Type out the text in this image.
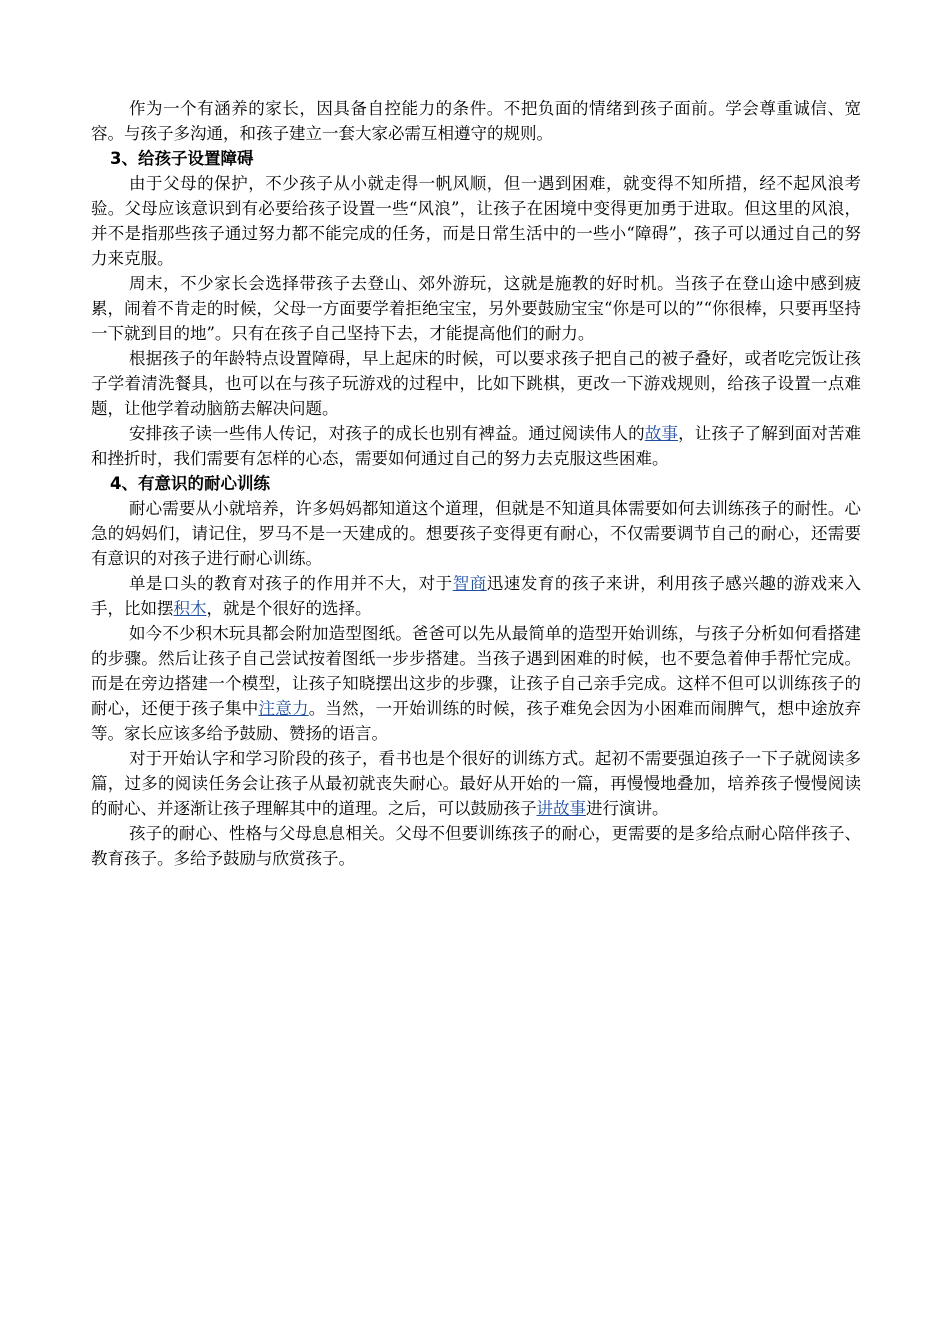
作为一个有涵养的家长，因具备自控能力的条件。不把负面的情绪到孩子面前。学会尊重诚信、宽容。与孩子多沟通，和孩子建立一套大家必需互相遵守的规则。

3、给孩子设置障碍

由于父母的保护，不少孩子从小就走得一帆风顺，但一遇到困难，就变得不知所措，经不起风浪考验。父母应该意识到有必要给孩子设置一些“风浪”，让孩子在困境中变得更加勇于进取。但这里的风浪，并不是指那些孩子通过努力都不能完成的任务，而是日常生活中的一些小“障碍”，孩子可以通过自己的努力来克服。

周末，不少家长会选择带孩子去登山、郊外游玩，这就是施教的好时机。当孩子在登山途中感到疲累，闹着不肯走的时候，父母一方面要学着拒绝宝宝，另外要鼓励宝宝“你是可以的”“你很棒，只要再坚持一下就到目的地”。只有在孩子自己坚持下去，才能提高他们的耐力。

根据孩子的年龄特点设置障碍，早上起床的时候，可以要求孩子把自己的被子叠好，或者吃完饭让孩子学着清洗餐具，也可以在与孩子玩游戏的过程中，比如下跳棋，更改一下游戏规则，给孩子设置一点难题，让他学着动脑筋去解决问题。

安排孩子读一些伟人传记，对孩子的成长也别有裨益。通过阅读伟人的故事，让孩子了解到面对苦难和挫折时，我们需要有怎样的心态，需要如何通过自己的努力去克服这些困难。

4、有意识的耐心训练

耐心需要从小就培养，许多妈妈都知道这个道理，但就是不知道具体需要如何去训练孩子的耐性。心急的妈妈们，请记住，罗马不是一天建成的。想要孩子变得更有耐心，不仅需要调节自己的耐心，还需要有意识的对孩子进行耐心训练。

单是口头的教育对孩子的作用并不大，对于智商迅速发育的孩子来讲，利用孩子感兴趣的游戏来入手，比如摆积木，就是个很好的选择。

如今不少积木玩具都会附加造型图纸。爸爸可以先从最简单的造型开始训练，与孩子分析如何看搭建的步骤。然后让孩子自己尝试按着图纸一步步搭建。当孩子遇到困难的时候，也不要急着伸手帮忙完成。而是在旁边搭建一个模型，让孩子知晓摆出这步的步骤，让孩子自己亲手完成。这样不但可以训练孩子的耐心，还便于孩子集中注意力。当然，一开始训练的时候，孩子难免会因为小困难而闹脾气，想中途放弃等。家长应该多给予鼓励、赞扬的语言。

对于开始认字和学习阶段的孩子，看书也是个很好的训练方式。起初不需要强迫孩子一下子就阅读多篇，过多的阅读任务会让孩子从最初就丧失耐心。最好从开始的一篇，再慢慢地叠加，培养孩子慢慢阅读的耐心、并逐渐让孩子理解其中的道理。之后，可以鼓励孩子讲故事进行演讲。

孩子的耐心、性格与父母息息相关。父母不但要训练孩子的耐心，更需要的是多给点耐心陪伴孩子、教育孩子。多给予鼓励与欣赏孩子。
